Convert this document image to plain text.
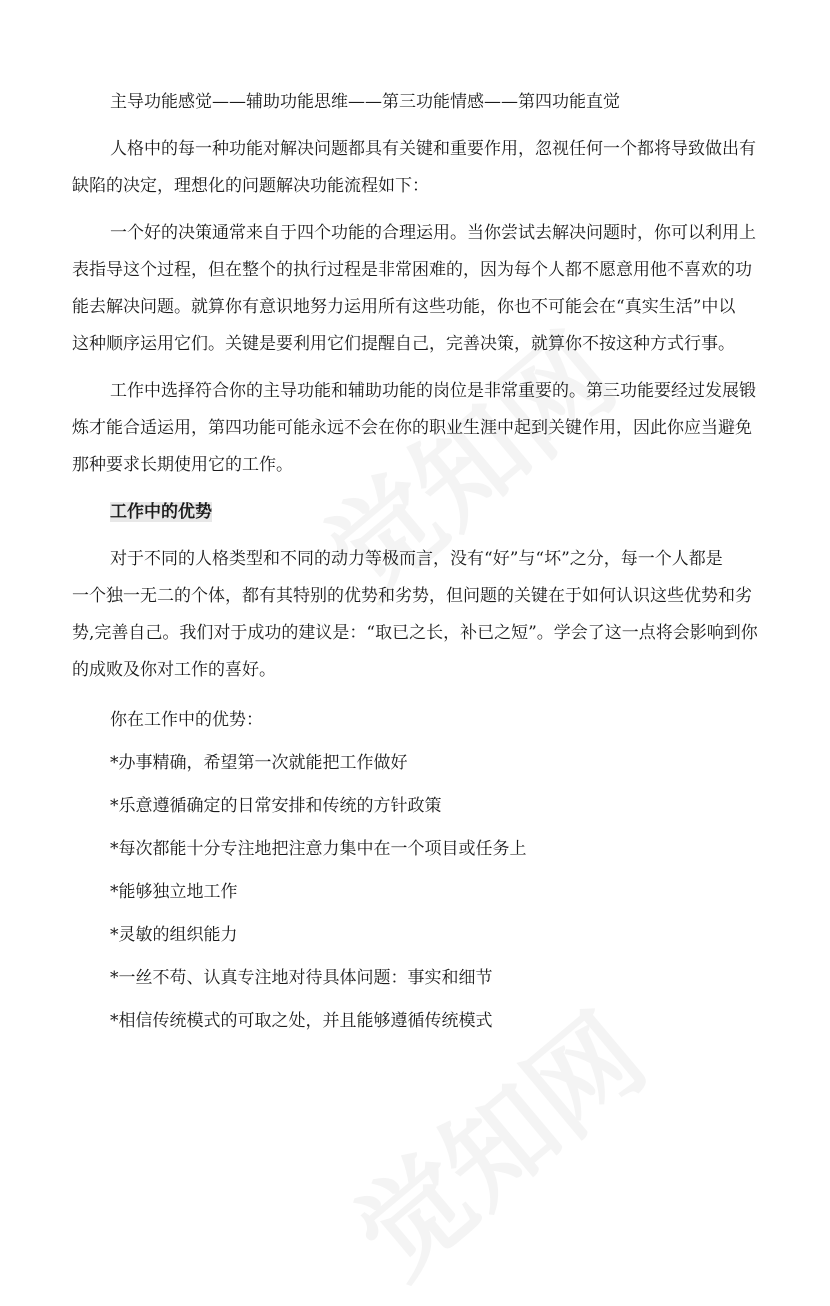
主导功能感觉——辅助功能思维——第三功能情感——第四功能直觉

人格中的每一种功能对解决问题都具有关键和重要作用，忽视任何一个都将导致做出有

缺陷的决定，理想化的问题解决功能流程如下：

一个好的决策通常来自于四个功能的合理运用。当你尝试去解决问题时，你可以利用上

表指导这个过程，但在整个的执行过程是非常困难的，因为每个人都不愿意用他不喜欢的功

能去解决问题。就算你有意识地努力运用所有这些功能，你也不可能会在“真实生活”中以

这种顺序运用它们。关键是要利用它们提醒自己，完善决策，就算你不按这种方式行事。

工作中选择符合你的主导功能和辅助功能的岗位是非常重要的。第三功能要经过发展锻

炼才能合适运用，第四功能可能永远不会在你的职业生涯中起到关键作用，因此你应当避免

那种要求长期使用它的工作。

工作中的优势

对于不同的人格类型和不同的动力等极而言，没有“好”与“坏”之分，每一个人都是

一个独一无二的个体，都有其特别的优势和劣势，但问题的关键在于如何认识这些优势和劣

势,完善自己。我们对于成功的建议是：“取已之长，补已之短”。学会了这一点将会影响到你

的成败及你对工作的喜好。

你在工作中的优势：

*办事精确，希望第一次就能把工作做好

*乐意遵循确定的日常安排和传统的方针政策

*每次都能十分专注地把注意力集中在一个项目或任务上

*能够独立地工作

*灵敏的组织能力

*一丝不苟、认真专注地对待具体问题：事实和细节

*相信传统模式的可取之处，并且能够遵循传统模式
